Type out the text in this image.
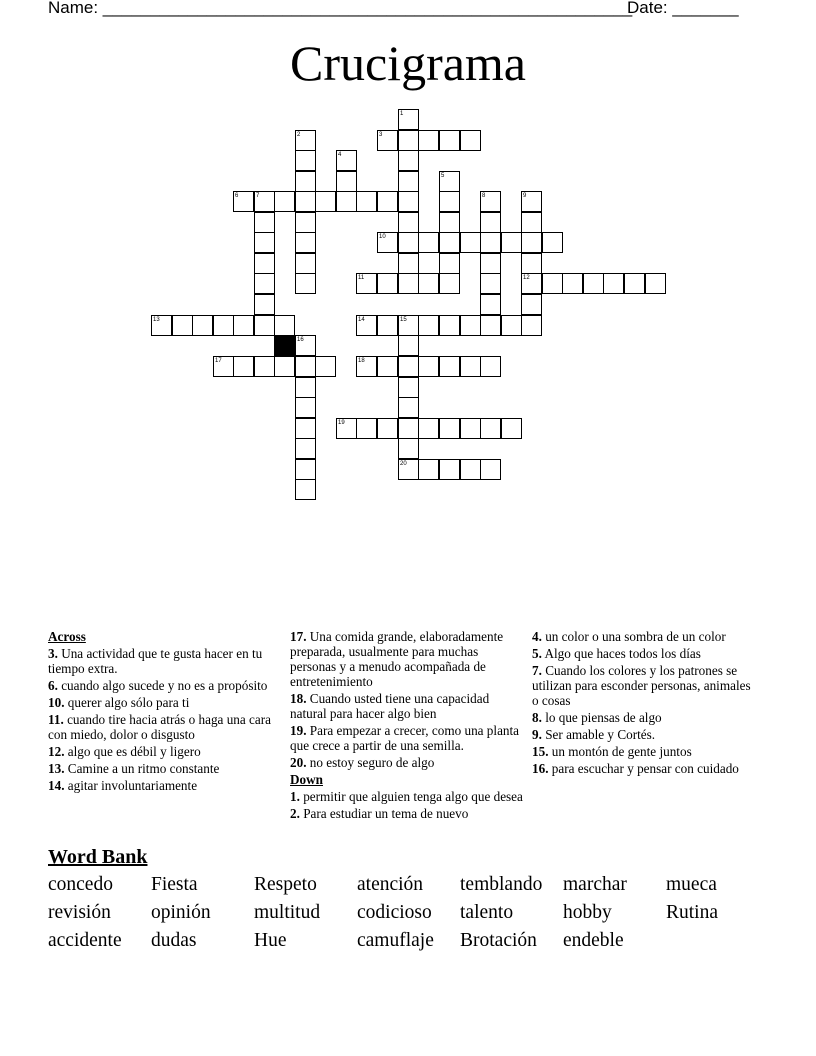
Name: ________________________________________________________
Date: _______
Crucigrama
1
2	3
4
5
6	7	8	9
10
11	12
13	14	15
16
17	18
19
20
Across

3. Una actividad que te gusta hacer en tu tiempo extra.

6. cuando algo sucede y no es a propósito

10. querer algo sólo para ti

11. cuando tire hacia atrás o haga una cara con miedo, dolor o disgusto

12. algo que es débil y ligero

13. Camine a un ritmo constante

14. agitar involuntariamente

17. Una comida grande, elaboradamente preparada, usualmente para muchas personas y a menudo acompañada de entretenimiento

18. Cuando usted tiene una capacidad natural para hacer algo bien

19. Para empezar a crecer, como una planta que crece a partir de una semilla.

20. no estoy seguro de algo

Down

1. permitir que alguien tenga algo que desea

2. Para estudiar un tema de nuevo

4. un color o una sombra de un color

5. Algo que haces todos los días

7. Cuando los colores y los patrones se utilizan para esconder personas, animales o cosas

8. lo que piensas de algo

9. Ser amable y Cortés.

15. un montón de gente juntos

16. para escuchar y pensar con cuidado

Word Bank
concedo	Fiesta	Respeto	atención	temblando	marchar	mueca
revisión	opinión	multitud	codicioso	talento	hobby	Rutina
accidente	dudas	Hue	camuflaje	Brotación	endeble
